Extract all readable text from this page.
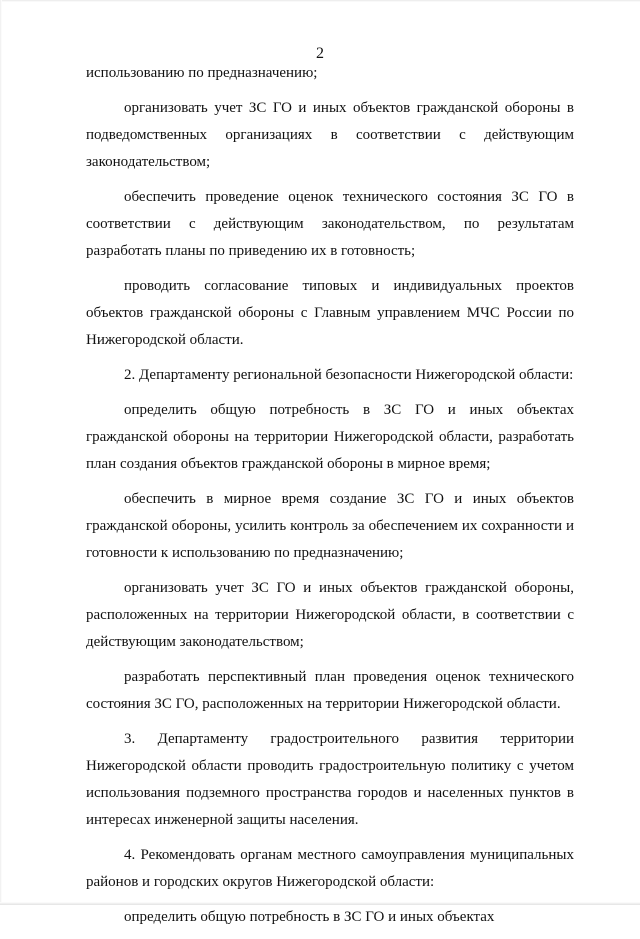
2

использованию по предназначению;

организовать учет ЗС ГО и иных объектов гражданской обороны в подведомственных организациях в соответствии с действующим законодательством;

обеспечить проведение оценок технического состояния ЗС ГО в соответствии с действующим законодательством, по результатам разработать планы по приведению их в готовность;

проводить согласование типовых и индивидуальных проектов объектов гражданской обороны с Главным управлением МЧС России по Нижегородской области.

2. Департаменту региональной безопасности Нижегородской области:

определить общую потребность в ЗС ГО и иных объектах гражданской обороны на территории Нижегородской области, разработать план создания объектов гражданской обороны в мирное время;

обеспечить в мирное время создание ЗС ГО и иных объектов гражданской обороны, усилить контроль за обеспечением их сохранности и готовности к использованию по предназначению;

организовать учет ЗС ГО и иных объектов гражданской обороны, расположенных на территории Нижегородской области, в соответствии с действующим законодательством;

разработать перспективный план проведения оценок технического состояния ЗС ГО, расположенных на территории Нижегородской области.

3. Департаменту градостроительного развития территории Нижегородской области проводить градостроительную политику с учетом использования подземного пространства городов и населенных пунктов в интересах инженерной защиты населения.

4. Рекомендовать органам местного самоуправления муниципальных районов и городских округов Нижегородской области:

определить общую потребность в ЗС ГО и иных объектах
